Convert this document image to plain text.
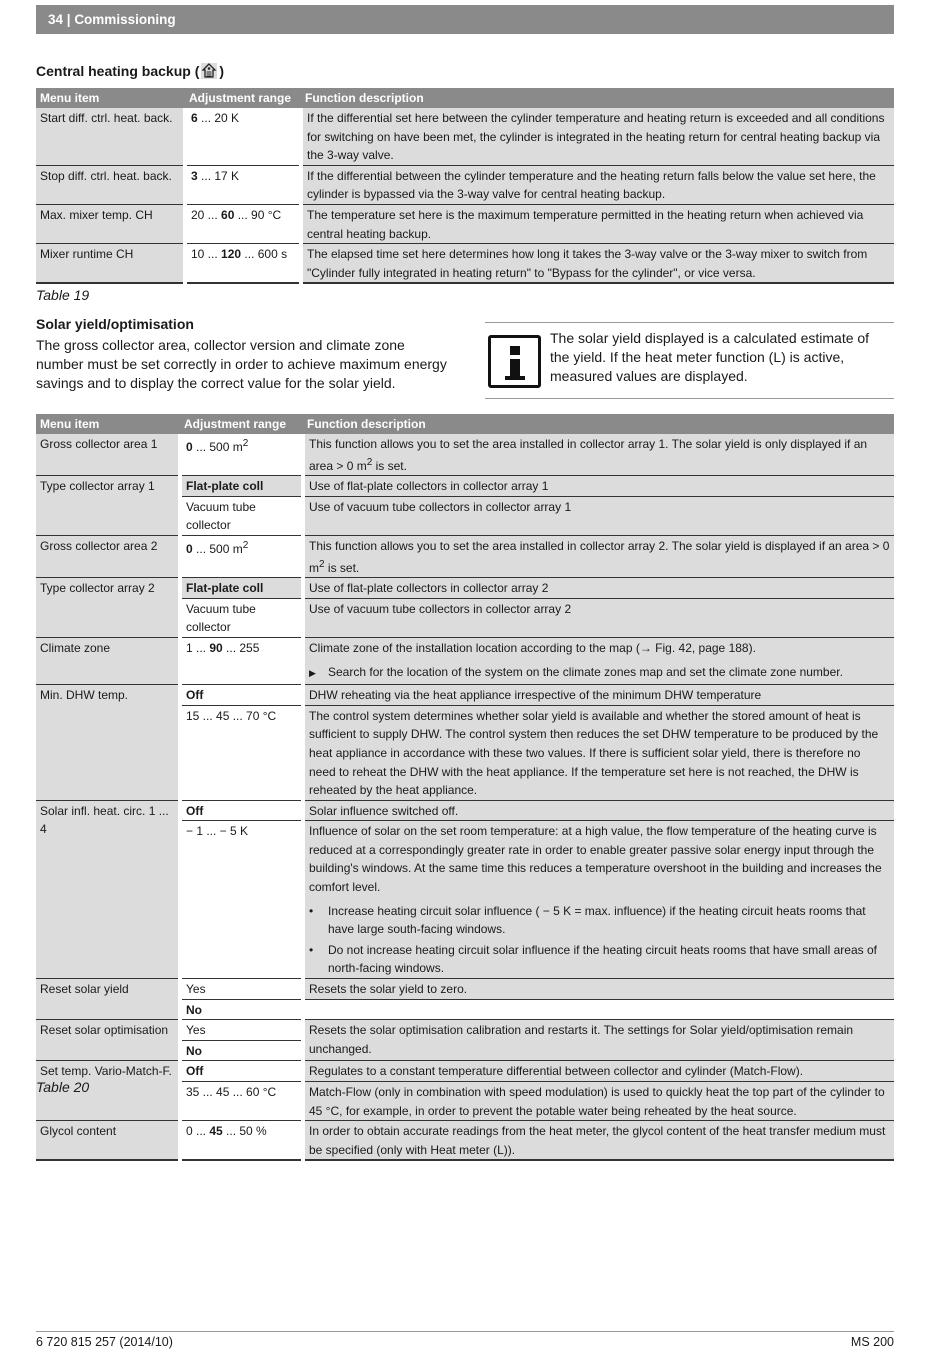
34 | Commissioning
Central heating backup ( )
Menu item	Adjustment range	Function description
Start diff. ctrl. heat. back.	6 ... 20 K	If the differential set here between the cylinder temperature and heating return is exceeded and all conditions for switching on have been met, the cylinder is integrated in the heating return for central heating backup via the 3-way valve.
Stop diff. ctrl. heat. back.	3 ... 17 K	If the differential between the cylinder temperature and the heating return falls below the value set here, the cylinder is bypassed via the 3-way valve for central heating backup.
Max. mixer temp. CH	20 ... 60 ... 90 °C	The temperature set here is the maximum temperature permitted in the heating return when achieved via central heating backup.
Mixer runtime CH	10 ... 120 ... 600 s	The elapsed time set here determines how long it takes the 3-way valve or the 3-way mixer to switch from "Cylinder fully integrated in heating return" to "Bypass for the cylinder", or vice versa.
Table 19
Solar yield/optimisation
The gross collector area, collector version and climate zone number must be set correctly in order to achieve maximum energy savings and to display the correct value for the solar yield.
The solar yield displayed is a calculated estimate of the yield. If the heat meter function (L) is active, measured values are displayed.
Menu item	Adjustment range	Function description
Gross collector area 1	0 ... 500 $m^2$	This function allows you to set the area installed in collector array 1. The solar yield is only displayed if an area > 0 $m^2$ is set.
Type collector array 1	Flat-plate coll	Use of flat-plate collectors in collector array 1
	Vacuum tube collector	Use of vacuum tube collectors in collector array 1
Gross collector area 2	0 ... 500 $m^2$	This function allows you to set the area installed in collector array 2. The solar yield is displayed if an area > 0 $m^2$ is set.
Type collector array 2	Flat-plate coll	Use of flat-plate collectors in collector array 2
	Vacuum tube collector	Use of vacuum tube collectors in collector array 2
Climate zone	1 ... 90 ... 255	Climate zone of the installation location according to the map (→ Fig. 42, page 188).
▶ Search for the location of the system on the climate zones map and set the climate zone number.

Min. DHW temp.	Off	DHW reheating via the heat appliance irrespective of the minimum DHW temperature
	15 ... 45 ... 70 °C	The control system determines whether solar yield is available and whether the stored amount of heat is sufficient to supply DHW. The control system then reduces the set DHW temperature to be produced by the heat appliance in accordance with these two values. If there is sufficient solar yield, there is therefore no need to reheat the DHW with the heat appliance. If the temperature set here is not reached, the DHW is reheated by the heat appliance.
Solar infl. heat. circ. 1 ... 4	Off	Solar influence switched off.
	− 1 ... − 5 K	Influence of solar on the set room temperature: at a high value, the flow temperature of the heating curve is reduced at a correspondingly greater rate in order to enable greater passive solar energy input through the building's windows. At the same time this reduces a temperature overshoot in the building and increases the comfort level.
• Increase heating circuit solar influence ( − 5 K = max. influence) if the heating circuit heats rooms that have large south-facing windows.
• Do not increase heating circuit solar influence if the heating circuit heats rooms that have small areas of north-facing windows.

Reset solar yield	Yes	Resets the solar yield to zero.
	No	
Reset solar optimisation	Yes	Resets the solar optimisation calibration and restarts it. The settings for Solar yield/optimisation remain unchanged.
	No	
Set temp. Vario-Match-F.	Off	Regulates to a constant temperature differential between collector and cylinder (Match-Flow).
	35 ... 45 ... 60 °C	Match-Flow (only in combination with speed modulation) is used to quickly heat the top part of the cylinder to 45 °C, for example, in order to prevent the potable water being reheated by the heat source.
Glycol content	0 ... 45 ... 50 %	In order to obtain accurate readings from the heat meter, the glycol content of the heat transfer medium must be specified (only with Heat meter (L)).
Table 20
6 720 815 257 (2014/10)	MS 200
